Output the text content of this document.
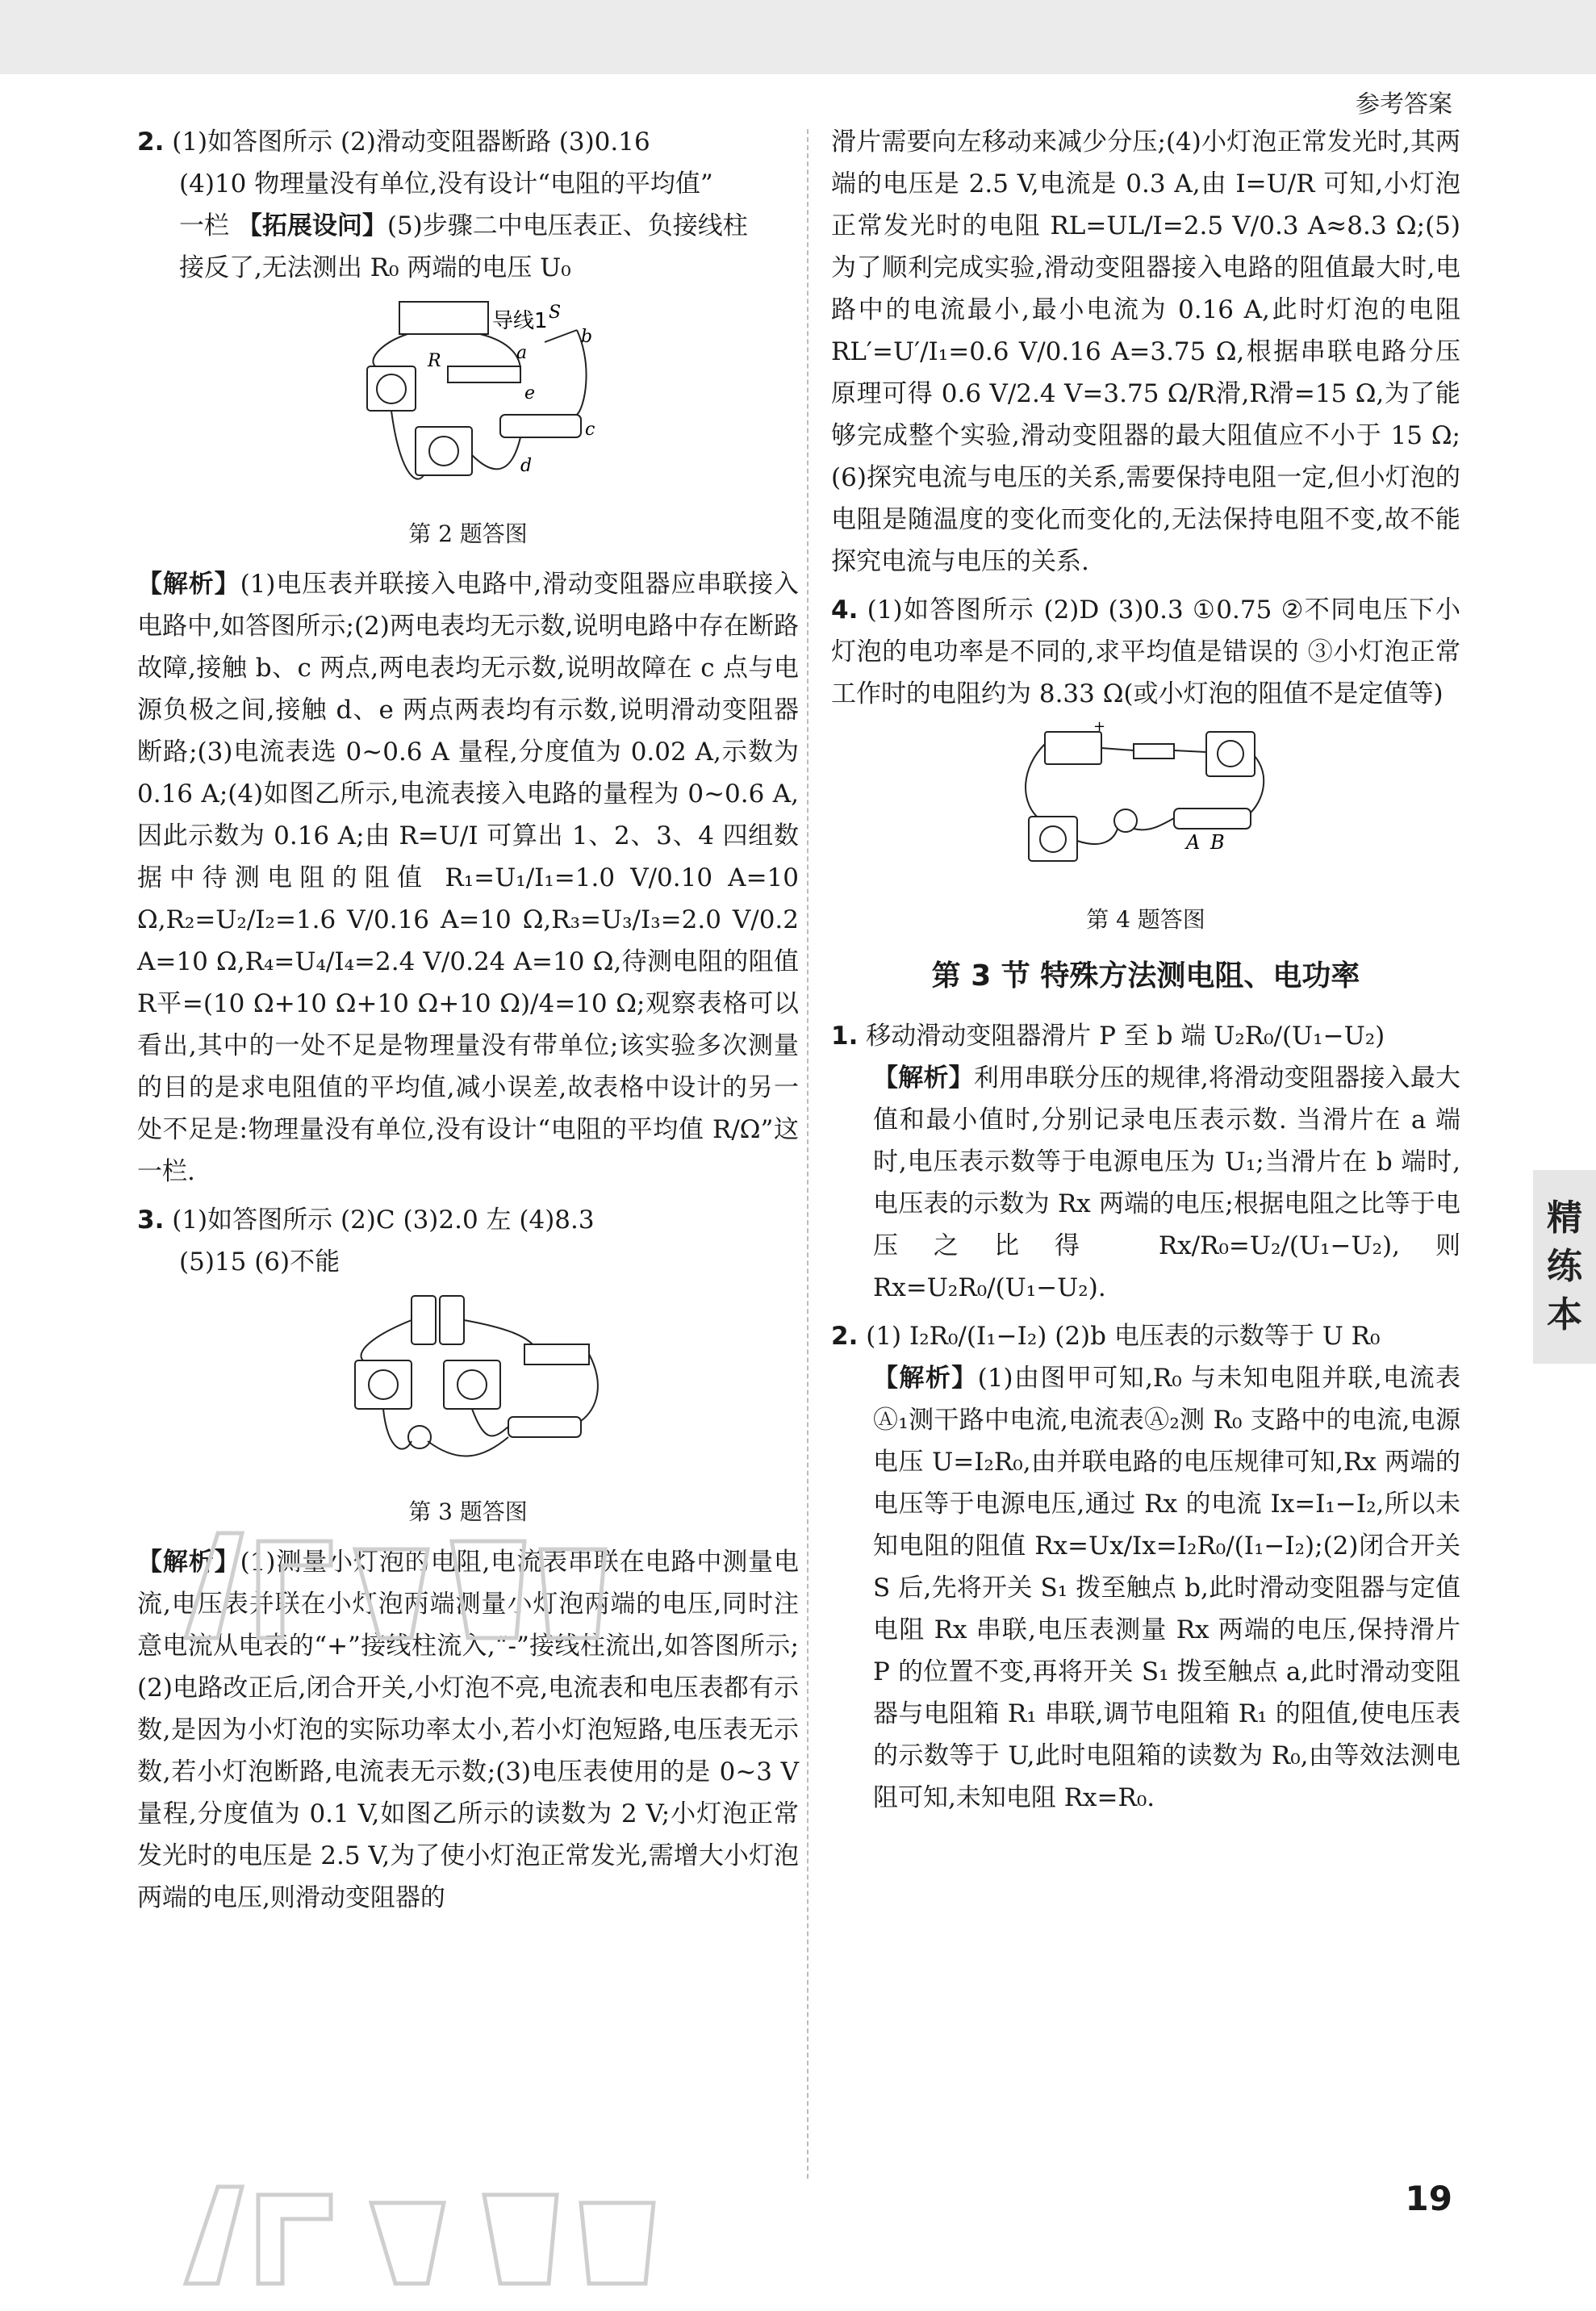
参考答案

2. (1)如答图所示 (2)滑动变阻器断路 (3)0.16

(4)10 物理量没有单位,没有设计“电阻的平均值”

一栏 【拓展设问】(5)步骤二中电压表正、负接线柱

接反了,无法测出 R₀ 两端的电压 U₀

导线1 S
a
b
R
e
c
d

第 2 题答图

【解析】(1)电压表并联接入电路中,滑动变阻器应串联接入电路中,如答图所示;(2)两电表均无示数,说明电路中存在断路故障,接触 b、c 两点,两电表均无示数,说明故障在 c 点与电源负极之间,接触 d、e 两点两表均有示数,说明滑动变阻器断路;(3)电流表选 0~0.6 A 量程,分度值为 0.02 A,示数为 0.16 A;(4)如图乙所示,电流表接入电路的量程为 0~0.6 A,因此示数为 0.16 A;由 R=U/I 可算出 1、2、3、4 四组数据中待测电阻的阻值 R₁=U₁/I₁=1.0 V/0.10 A=10 Ω,R₂=U₂/I₂=1.6 V/0.16 A=10 Ω,R₃=U₃/I₃=2.0 V/0.2 A=10 Ω,R₄=U₄/I₄=2.4 V/0.24 A=10 Ω,待测电阻的阻值 R平=(10 Ω+10 Ω+10 Ω+10 Ω)/4=10 Ω;观察表格可以看出,其中的一处不足是物理量没有带单位;该实验多次测量的目的是求电阻值的平均值,减小误差,故表格中设计的另一处不足是:物理量没有单位,没有设计“电阻的平均值 R/Ω”这一栏.

3. (1)如答图所示 (2)C (3)2.0 左 (4)8.3

(5)15 (6)不能

第 3 题答图

【解析】(1)测量小灯泡的电阻,电流表串联在电路中测量电流,电压表并联在小灯泡两端测量小灯泡两端的电压,同时注意电流从电表的“+”接线柱流入,“-”接线柱流出,如答图所示;(2)电路改正后,闭合开关,小灯泡不亮,电流表和电压表都有示数,是因为小灯泡的实际功率太小,若小灯泡短路,电压表无示数,若小灯泡断路,电流表无示数;(3)电压表使用的是 0~3 V 量程,分度值为 0.1 V,如图乙所示的读数为 2 V;小灯泡正常发光时的电压是 2.5 V,为了使小灯泡正常发光,需增大小灯泡两端的电压,则滑动变阻器的

滑片需要向左移动来减少分压;(4)小灯泡正常发光时,其两端的电压是 2.5 V,电流是 0.3 A,由 I=U/R 可知,小灯泡正常发光时的电阻 RL=UL/I=2.5 V/0.3 A≈8.3 Ω;(5)为了顺利完成实验,滑动变阻器接入电路的阻值最大时,电路中的电流最小,最小电流为 0.16 A,此时灯泡的电阻 RL′=U′/I₁=0.6 V/0.16 A=3.75 Ω,根据串联电路分压原理可得 0.6 V/2.4 V=3.75 Ω/R滑,R滑=15 Ω,为了能够完成整个实验,滑动变阻器的最大阻值应不小于 15 Ω;(6)探究电流与电压的关系,需要保持电阻一定,但小灯泡的电阻是随温度的变化而变化的,无法保持电阻不变,故不能探究电流与电压的关系.

4. (1)如答图所示 (2)D (3)0.3 ①0.75 ②不同电压下小灯泡的电功率是不同的,求平均值是错误的 ③小灯泡正常工作时的电阻约为 8.33 Ω(或小灯泡的阻值不是定值等)

+
A B

第 4 题答图

第 3 节 特殊方法测电阻、电功率

1. 移动滑动变阻器滑片 P 至 b 端 U₂R₀/(U₁−U₂)

【解析】利用串联分压的规律,将滑动变阻器接入最大值和最小值时,分别记录电压表示数. 当滑片在 a 端时,电压表示数等于电源电压为 U₁;当滑片在 b 端时,电压表的示数为 Rx 两端的电压;根据电阻之比等于电压之比得 Rx/R₀=U₂/(U₁−U₂),则 Rx=U₂R₀/(U₁−U₂).

2. (1) I₂R₀/(I₁−I₂) (2)b 电压表的示数等于 U R₀

【解析】(1)由图甲可知,R₀ 与未知电阻并联,电流表Ⓐ₁测干路中电流,电流表Ⓐ₂测 R₀ 支路中的电流,电源电压 U=I₂R₀,由并联电路的电压规律可知,Rx 两端的电压等于电源电压,通过 Rx 的电流 Ix=I₁−I₂,所以未知电阻的阻值 Rx=Ux/Ix=I₂R₀/(I₁−I₂);(2)闭合开关 S 后,先将开关 S₁ 拨至触点 b,此时滑动变阻器与定值电阻 Rx 串联,电压表测量 Rx 两端的电压,保持滑片 P 的位置不变,再将开关 S₁ 拨至触点 a,此时滑动变阻器与电阻箱 R₁ 串联,调节电阻箱 R₁ 的阻值,使电压表的示数等于 U,此时电阻箱的读数为 R₀,由等效法测电阻可知,未知电阻 Rx=R₀.

精
练
本
19
